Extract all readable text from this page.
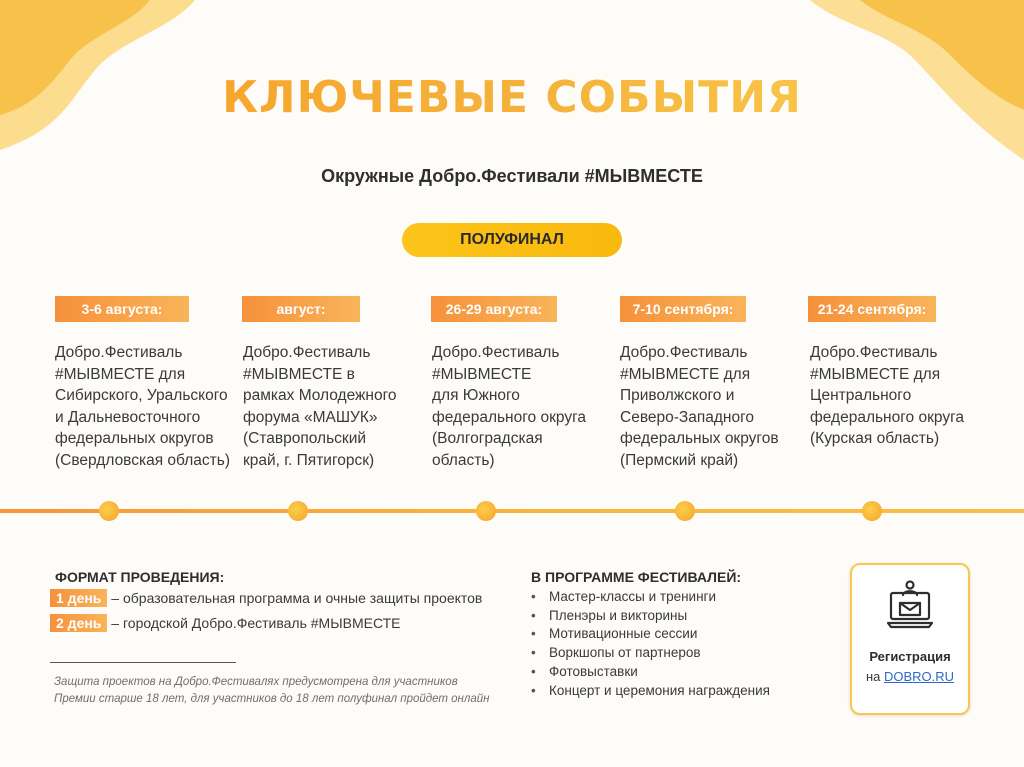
КЛЮЧЕВЫЕ СОБЫТИЯ
Окружные Добро.Фестивали #МЫВМЕСТЕ
ПОЛУФИНАЛ
3-6 августа:
Добро.Фестиваль
#МЫВМЕСТЕ для
Сибирского, Уральского
и Дальневосточного
федеральных округов
(Свердловская область)
август:
Добро.Фестиваль
#МЫВМЕСТЕ в
рамках Молодежного
форума «МАШУК»
(Ставропольский
край, г. Пятигорск)
26-29 августа:
Добро.Фестиваль
#МЫВМЕСТЕ
для Южного
федерального округа
(Волгоградская
область)
7-10 сентября:
Добро.Фестиваль
#МЫВМЕСТЕ для
Приволжского и
Северо-Западного
федеральных округов
(Пермский край)
21-24 сентября:
Добро.Фестиваль
#МЫВМЕСТЕ для
Центрального
федерального округа
(Курская область)
ФОРМАТ ПРОВЕДЕНИЯ:
1 день – образовательная программа и очные защиты проектов
2 день – городской Добро.Фестиваль #МЫВМЕСТЕ
Защита проектов на Добро.Фестивалях предусмотрена для участников
Премии старше 18 лет, для участников до 18 лет полуфинал пройдет онлайн
В ПРОГРАММЕ ФЕСТИВАЛЕЙ:
• Мастер-классы и тренинги
• Пленэры и викторины
• Мотивационные сессии
• Воркшопы от партнеров
• Фотовыставки
• Концерт и церемония награждения
Регистрация
на DOBRO.RU
